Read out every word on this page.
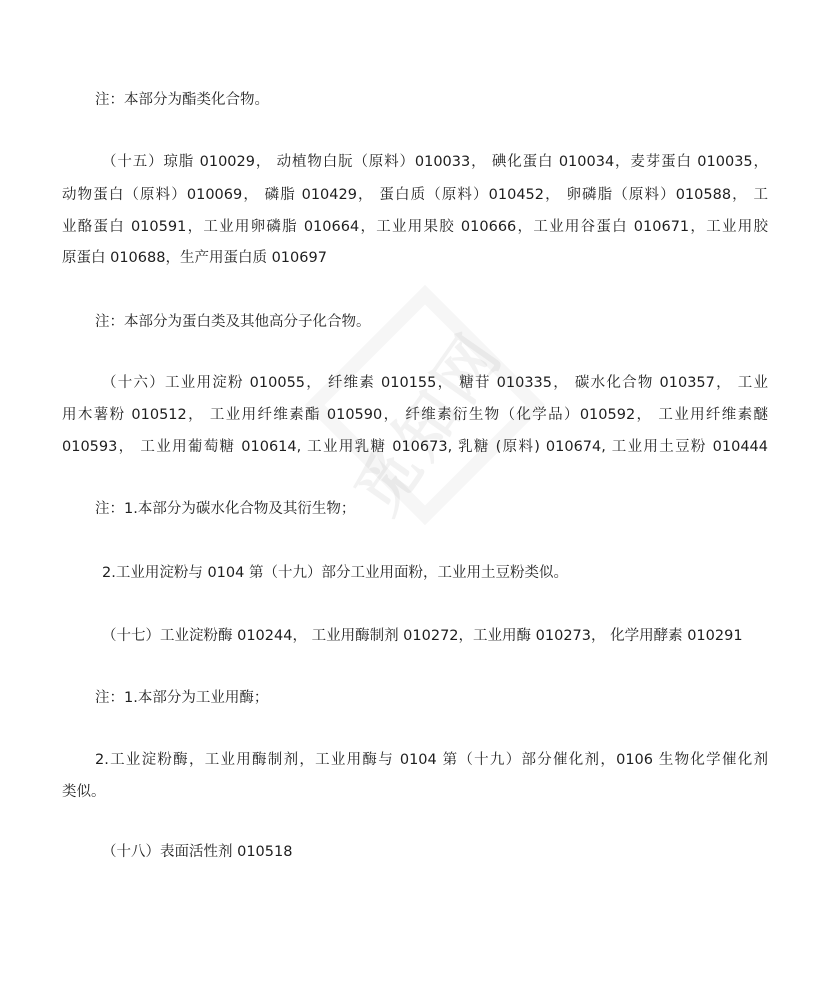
觅知网
注：本部分为酯类化合物。
（十五）琼脂 010029， 动植物白朊（原料）010033， 碘化蛋白 010034，麦芽蛋白 010035，
动物蛋白（原料）010069， 磷脂 010429， 蛋白质（原料）010452， 卵磷脂（原料）010588， 工
业酪蛋白 010591，工业用卵磷脂 010664，工业用果胶 010666，工业用谷蛋白 010671，工业用胶
原蛋白 010688，生产用蛋白质 010697
注：本部分为蛋白类及其他高分子化合物。
（十六）工业用淀粉 010055， 纤维素 010155， 糖苷 010335， 碳水化合物 010357， 工业
用木薯粉 010512， 工业用纤维素酯 010590， 纤维素衍生物（化学品）010592， 工业用纤维素醚
010593， 工业用葡萄糖 010614, 工业用乳糖 010673, 乳糖 (原料) 010674, 工业用土豆粉 010444
注：1.本部分为碳水化合物及其衍生物；
2.工业用淀粉与 0104 第（十九）部分工业用面粉，工业用土豆粉类似。
（十七）工业淀粉酶 010244， 工业用酶制剂 010272，工业用酶 010273， 化学用酵素 010291
注：1.本部分为工业用酶；
2.工业淀粉酶，工业用酶制剂，工业用酶与 0104 第（十九）部分催化剂，0106 生物化学催化剂
类似。
（十八）表面活性剂 010518
